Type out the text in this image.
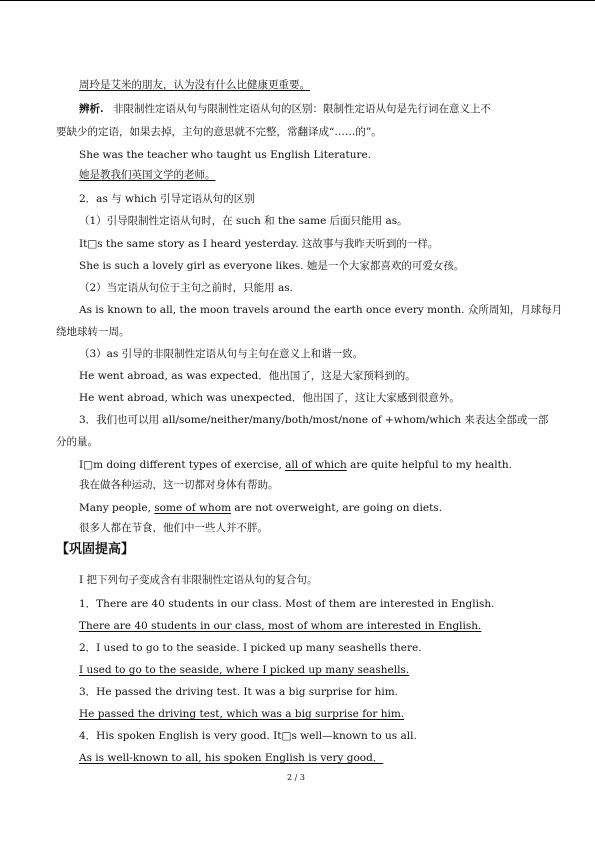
周玲是艾米的朋友，认为没有什么比健康更重要。
辨析. 非限制性定语从句与限制性定语从句的区别：限制性定语从句是先行词在意义上不
要缺少的定语，如果去掉，主句的意思就不完整，常翻译成“……的”。
She was the teacher who taught us English Literature.
她是教我们英国文学的老师。
2．as 与 which 引导定语从句的区别
（1）引导限制性定语从句时，在 such 和 the same 后面只能用 as。
It□s the same story as I heard yesterday. 这故事与我昨天听到的一样。
She is such a lovely girl as everyone likes. 她是一个大家都喜欢的可爱女孩。
（2）当定语从句位于主句之前时，只能用 as.
As is known to all, the moon travels around the earth once every month. 众所周知，月球每月
绕地球转一周。
（3）as 引导的非限制性定语从句与主句在意义上和谐一致。
He went abroad, as was expected．他出国了，这是大家预料到的。
He went abroad, which was unexpected．他出国了，这让大家感到很意外。
3．我们也可以用 all/some/neither/many/both/most/none of +whom/which 来表达全部或一部
分的量。
I□m doing different types of exercise, all of which are quite helpful to my health.
我在做各种运动，这一切都对身体有帮助。
Many people, some of whom are not overweight, are going on diets.
很多人都在节食，他们中一些人并不胖。
【巩固提高】
I 把下列句子变成含有非限制性定语从句的复合句。
1．There are 40 students in our class. Most of them are interested in English.
There are 40 students in our class, most of whom are interested in English.
2．I used to go to the seaside. I picked up many seashells there.
I used to go to the seaside, where I picked up many seashells.
3．He passed the driving test. It was a big surprise for him.
He passed the driving test, which was a big surprise for him.
4．His spoken English is very good. It□s well—known to us all.
As is well-known to all, his spoken English is very good．
2 / 3
